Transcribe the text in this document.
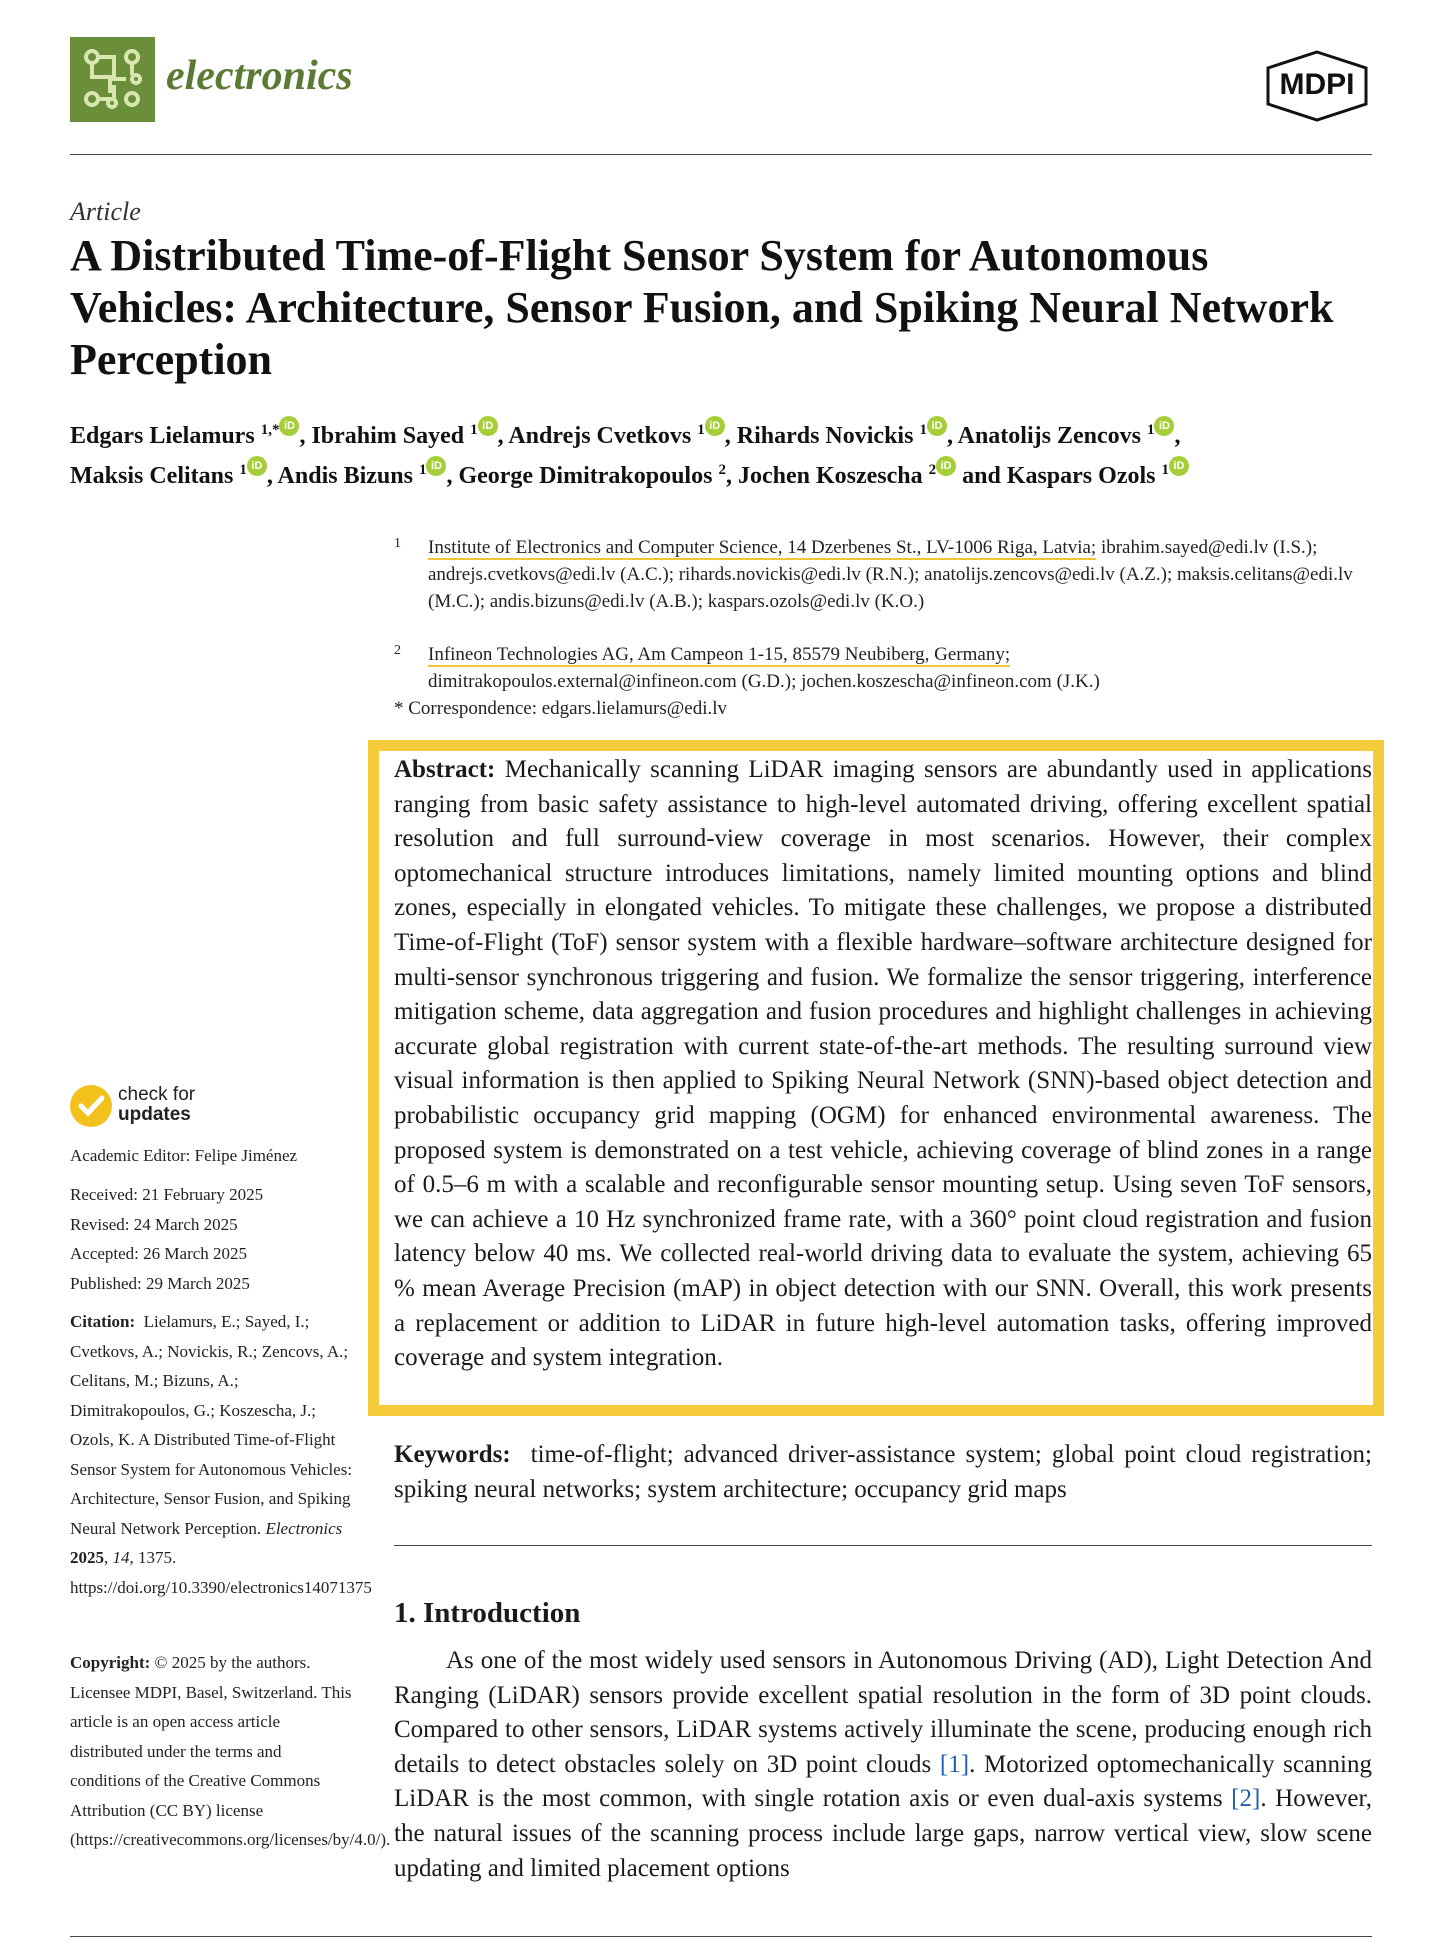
electronics	MDPI
Article
A Distributed Time-of-Flight Sensor System for Autonomous Vehicles: Architecture, Sensor Fusion, and Spiking Neural Network Perception
Edgars Lielamurs $^{1,*}$ iD , Ibrahim Sayed $^1$ iD , Andrejs Cvetkovs $^1$ iD , Rihards Novickis $^1$ iD , Anatolijs Zencovs $^1$ iD ,
Maksis Celitans $^1$ iD , Andis Bizuns $^1$ iD , George Dimitrakopoulos $^2$, Jochen Koszescha $^2$ iD and Kaspars Ozols $^1$ iD
1 Institute of Electronics and Computer Science, 14 Dzerbenes St., LV-1006 Riga, Latvia; ibrahim.sayed@edi.lv (I.S.); andrejs.cvetkovs@edi.lv (A.C.); rihards.novickis@edi.lv (R.N.); anatolijs.zencovs@edi.lv (A.Z.); maksis.celitans@edi.lv (M.C.); andis.bizuns@edi.lv (A.B.); kaspars.ozols@edi.lv (K.O.)
2 Infineon Technologies AG, Am Campeon 1-15, 85579 Neubiberg, Germany;
dimitrakopoulos.external@infineon.com (G.D.); jochen.koszescha@infineon.com (J.K.)
* Correspondence: edgars.lielamurs@edi.lv
Abstract: Mechanically scanning LiDAR imaging sensors are abundantly used in applications ranging from basic safety assistance to high-level automated driving, offering excellent spatial resolution and full surround-view coverage in most scenarios. However, their complex optomechanical structure introduces limitations, namely limited mounting options and blind zones, especially in elongated vehicles. To mitigate these challenges, we propose a distributed Time-of-Flight (ToF) sensor system with a flexible hardware–software architecture designed for multi-sensor synchronous triggering and fusion. We formalize the sensor triggering, interference mitigation scheme, data aggregation and fusion procedures and highlight challenges in achieving accurate global registration with current state-of-the-art methods. The resulting surround view visual information is then applied to Spiking Neural Network (SNN)-based object detection and probabilistic occupancy grid mapping (OGM) for enhanced environmental awareness. The proposed system is demonstrated on a test vehicle, achieving coverage of blind zones in a range of 0.5–6 m with a scalable and reconfigurable sensor mounting setup. Using seven ToF sensors, we can achieve a 10 Hz synchronized frame rate, with a 360° point cloud registration and fusion latency below 40 ms. We collected real-world driving data to evaluate the system, achieving 65 % mean Average Precision (mAP) in object detection with our SNN. Overall, this work presents a replacement or addition to LiDAR in future high-level automation tasks, offering improved coverage and system integration.
Keywords: time-of-flight; advanced driver-assistance system; global point cloud registration; spiking neural networks; system architecture; occupancy grid maps
1. Introduction
As one of the most widely used sensors in Autonomous Driving (AD), Light Detection And Ranging (LiDAR) sensors provide excellent spatial resolution in the form of 3D point clouds. Compared to other sensors, LiDAR systems actively illuminate the scene, producing enough rich details to detect obstacles solely on 3D point clouds [1]. Motorized optomechanically scanning LiDAR is the most common, with single rotation axis or even dual-axis systems [2]. However, the natural issues of the scanning process include large gaps, narrow vertical view, slow scene updating and limited placement options
check for
updates
Academic Editor: Felipe Jiménez
Received: 21 February 2025
Revised: 24 March 2025
Accepted: 26 March 2025
Published: 29 March 2025
Citation: Lielamurs, E.; Sayed, I.; Cvetkovs, A.; Novickis, R.; Zencovs, A.; Celitans, M.; Bizuns, A.; Dimitrakopoulos, G.; Koszescha, J.; Ozols, K. A Distributed Time-of-Flight Sensor System for Autonomous Vehicles: Architecture, Sensor Fusion, and Spiking Neural Network Perception. Electronics 2025, 14, 1375. https://doi.org/10.3390/electronics14071375
Copyright: © 2025 by the authors. Licensee MDPI, Basel, Switzerland. This article is an open access article distributed under the terms and conditions of the Creative Commons Attribution (CC BY) license (https://creativecommons.org/licenses/by/4.0/).
